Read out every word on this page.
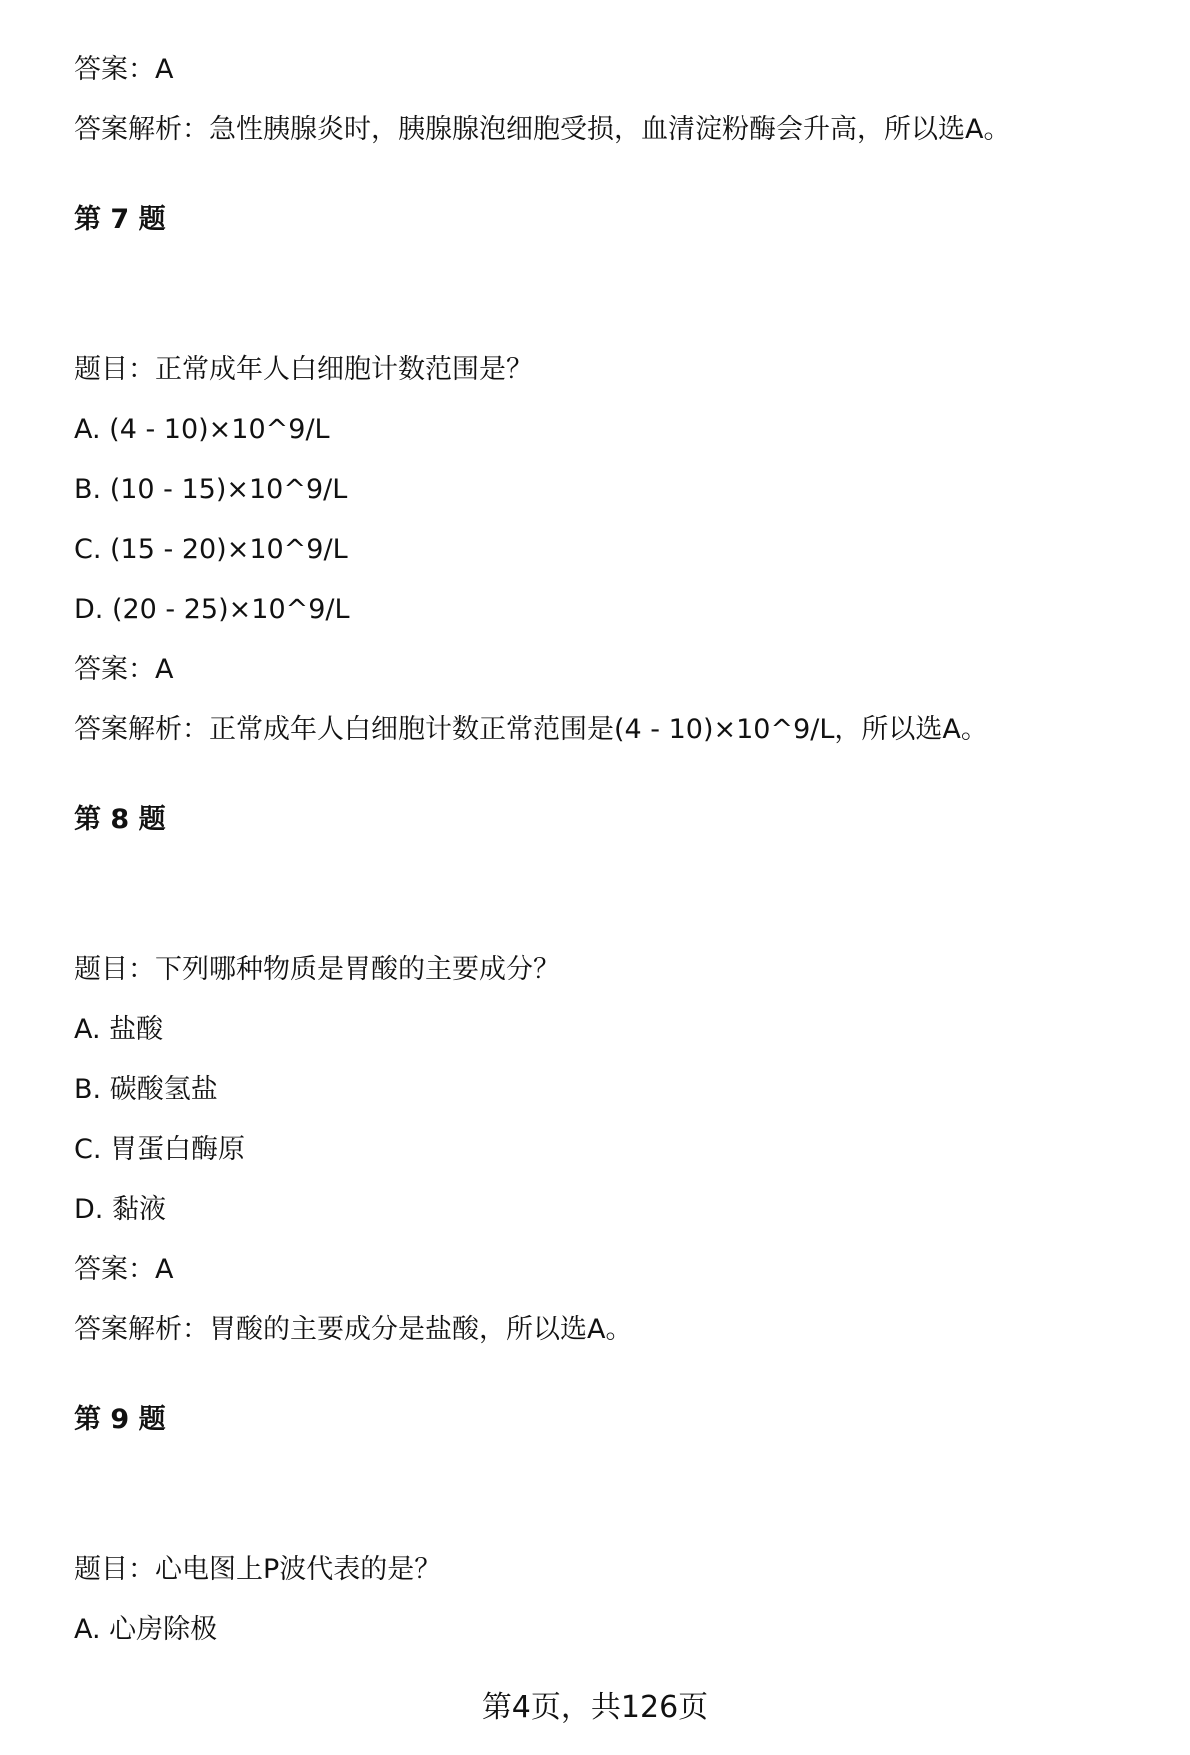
答案：A
答案解析：急性胰腺炎时，胰腺腺泡细胞受损，血清淀粉酶会升高，所以选A。
第 7 题
题目：正常成年人白细胞计数范围是？
A. (4 - 10)×10^9/L
B. (10 - 15)×10^9/L
C. (15 - 20)×10^9/L
D. (20 - 25)×10^9/L
答案：A
答案解析：正常成年人白细胞计数正常范围是(4 - 10)×10^9/L，所以选A。
第 8 题
题目：下列哪种物质是胃酸的主要成分？
A. 盐酸
B. 碳酸氢盐
C. 胃蛋白酶原
D. 黏液
答案：A
答案解析：胃酸的主要成分是盐酸，所以选A。
第 9 题
题目：心电图上P波代表的是？
A. 心房除极
第4页，共126页
